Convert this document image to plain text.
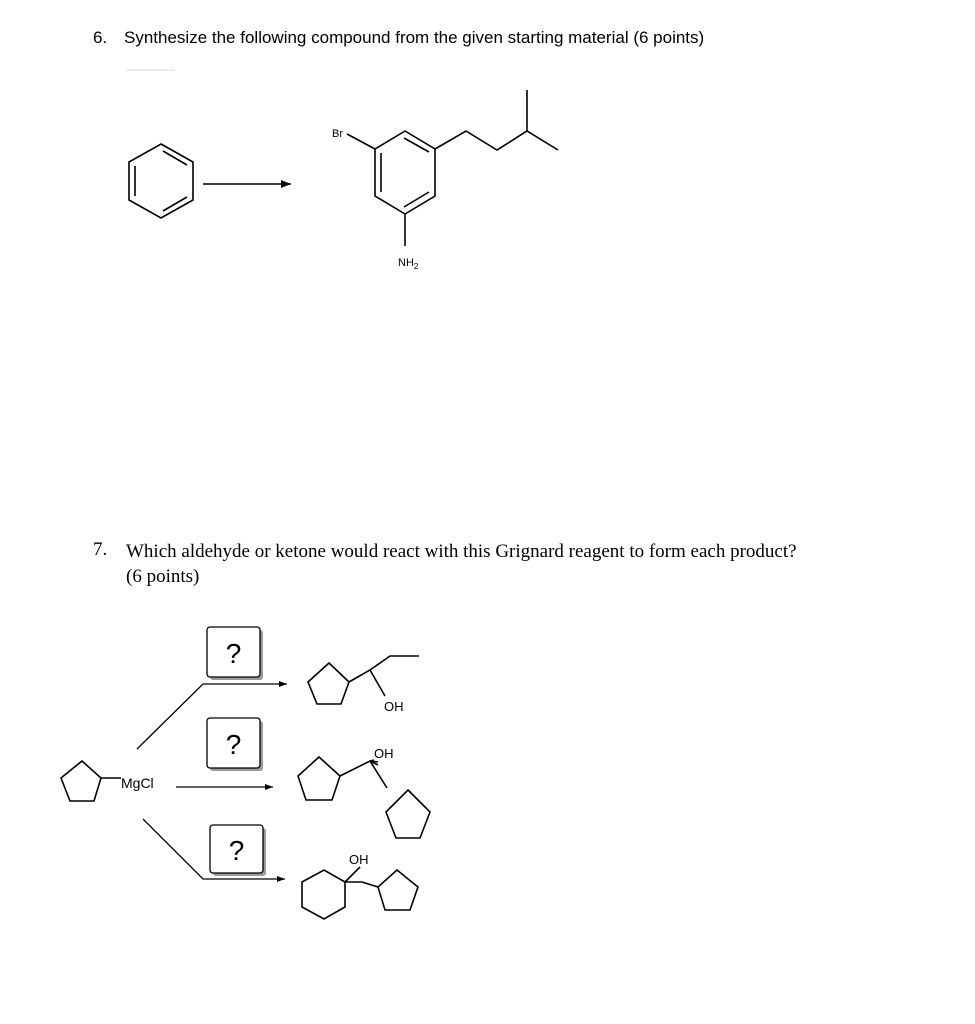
6. Synthesize the following compound from the given starting material (6 points)
7. Which aldehyde or ketone would react with this Grignard reagent to form each product?
(6 points)
Br
$NH_2$
MgCl
?
?
?
OH
OH
OH
